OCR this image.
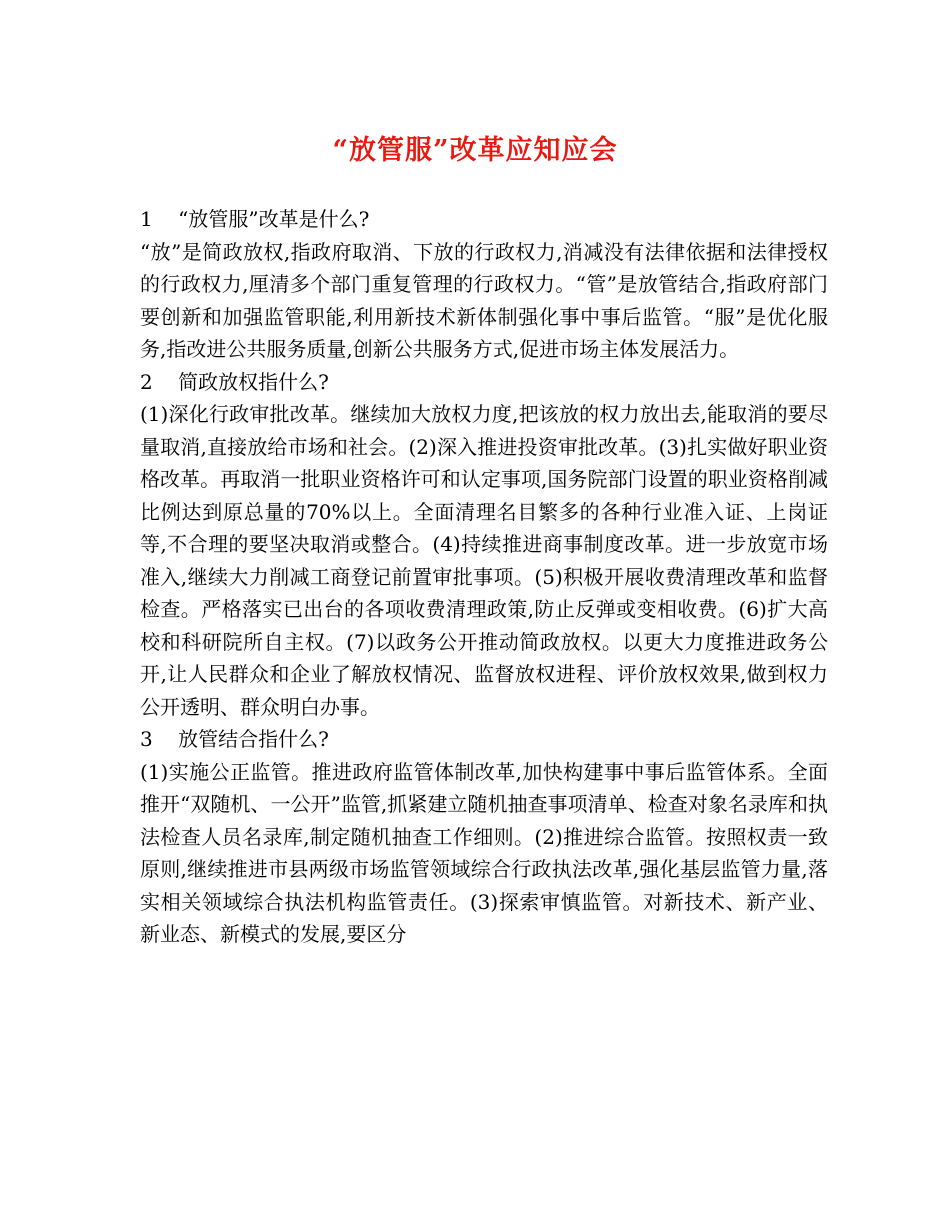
“放管服”改革应知应会

1    “放管服”改革是什么?

“放”是简政放权,指政府取消、下放的行政权力,消减没有法律依据和法律授权的行政权力,厘清多个部门重复管理的行政权力。“管”是放管结合,指政府部门要创新和加强监管职能,利用新技术新体制强化事中事后监管。“服”是优化服务,指改进公共服务质量,创新公共服务方式,促进市场主体发展活力。

2    简政放权指什么?

(1)深化行政审批改革。继续加大放权力度,把该放的权力放出去,能取消的要尽量取消,直接放给市场和社会。(2)深入推进投资审批改革。(3)扎实做好职业资格改革。再取消一批职业资格许可和认定事项,国务院部门设置的职业资格削减比例达到原总量的70%以上。全面清理名目繁多的各种行业准入证、上岗证等,不合理的要坚决取消或整合。(4)持续推进商事制度改革。进一步放宽市场准入,继续大力削减工商登记前置审批事项。(5)积极开展收费清理改革和监督检查。严格落实已出台的各项收费清理政策,防止反弹或变相收费。(6)扩大高校和科研院所自主权。(7)以政务公开推动简政放权。以更大力度推进政务公开,让人民群众和企业了解放权情况、监督放权进程、评价放权效果,做到权力公开透明、群众明白办事。

3    放管结合指什么?

(1)实施公正监管。推进政府监管体制改革,加快构建事中事后监管体系。全面推开“双随机、一公开”监管,抓紧建立随机抽查事项清单、检查对象名录库和执法检查人员名录库,制定随机抽查工作细则。(2)推进综合监管。按照权责一致原则,继续推进市县两级市场监管领域综合行政执法改革,强化基层监管力量,落实相关领域综合执法机构监管责任。(3)探索审慎监管。对新技术、新产业、新业态、新模式的发展,要区分
